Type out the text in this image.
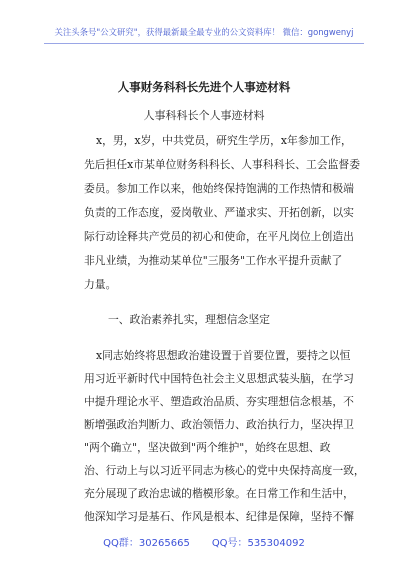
关注头条号"公文研究"，获得最新最全最专业的公文资料库！ 微信：gongwenyj
人事财务科科长先进个人事迹材料
人事科科长个人事迹材料
x，男，x岁，中共党员，研究生学历，x年参加工作，
先后担任x市某单位财务科科长、人事科科长、工会监督委
委员。参加工作以来，他始终保持饱满的工作热情和极端
负责的工作态度，爱岗敬业、严谨求实、开拓创新，以实
际行动诠释共产党员的初心和使命，在平凡岗位上创造出
非凡业绩，为推动某单位"三服务"工作水平提升贡献了
力量。
一、政治素养扎实，理想信念坚定
x同志始终将思想政治建设置于首要位置，要持之以恒
用习近平新时代中国特色社会主义思想武装头脑，在学习
中提升理论水平、塑造政治品质、夯实理想信念根基，不
断增强政治判断力、政治领悟力、政治执行力，坚决捍卫
"两个确立"，坚决做到"两个维护"，始终在思想、政
治、行动上与以习近平同志为核心的党中央保持高度一致，
充分展现了政治忠诚的楷模形象。在日常工作和生活中，
他深知学习是基石、作风是根本、纪律是保障，坚持不懈
QQ群：30265665 QQ号：535304092
